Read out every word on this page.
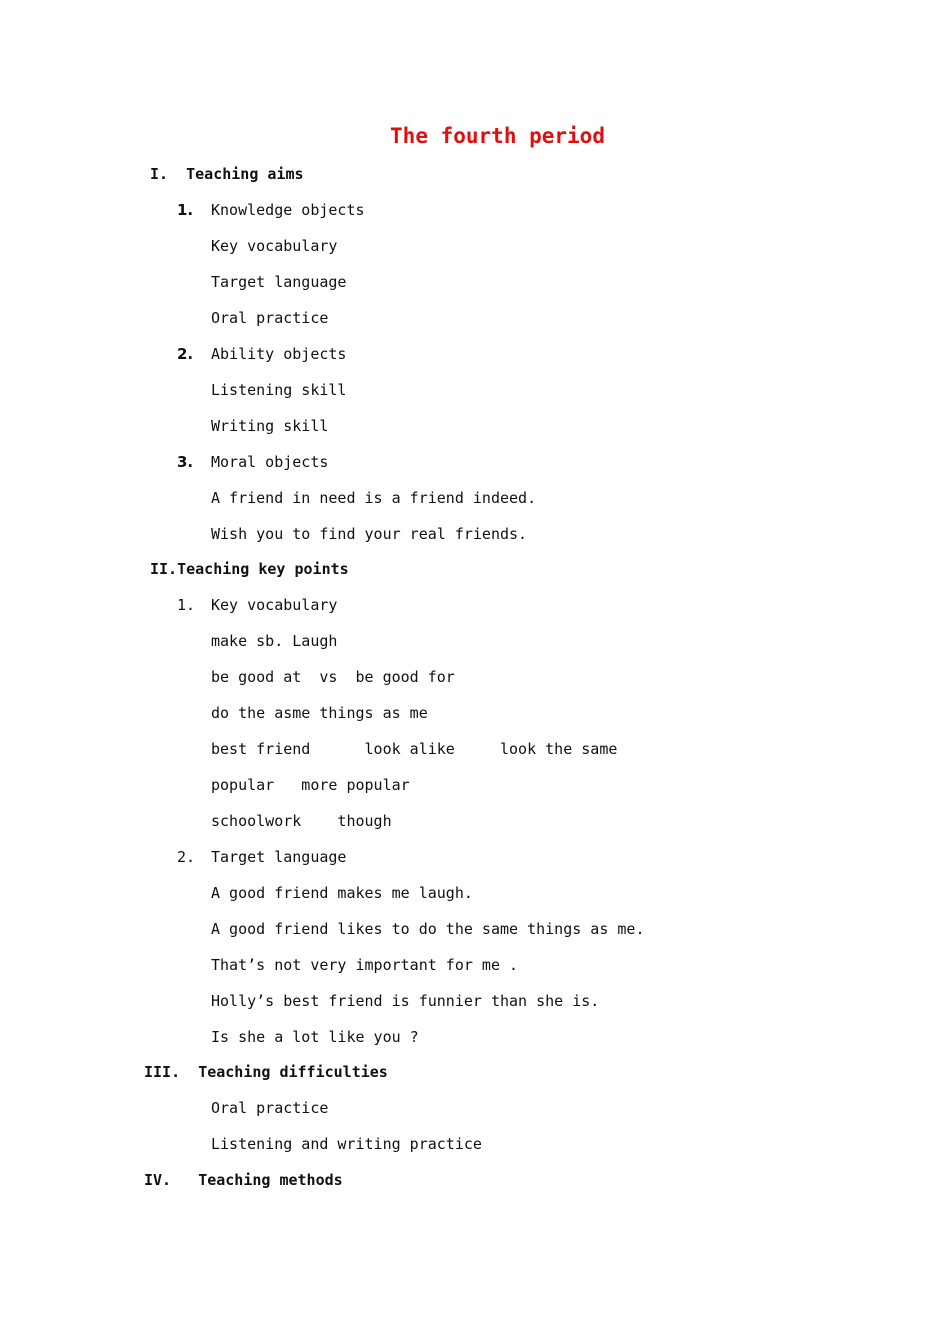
The fourth period
I. Teaching aims
1. Knowledge objects
Key vocabulary
Target language
Oral practice
2. Ability objects
Listening skill
Writing skill
3. Moral objects
A friend in need is a friend indeed.
Wish you to find your real friends.
II.Teaching key points
1. Key vocabulary
make sb. Laugh
be good at  vs  be good for
do the asme things as me
best friend      look alike     look the same
popular   more popular
schoolwork    though
2. Target language
A good friend makes me laugh.
A good friend likes to do the same things as me.
That’s not very important for me .
Holly’s best friend is funnier than she is.
Is she a lot like you ?
III. Teaching difficulties
Oral practice
Listening and writing practice
IV. Teaching methods
